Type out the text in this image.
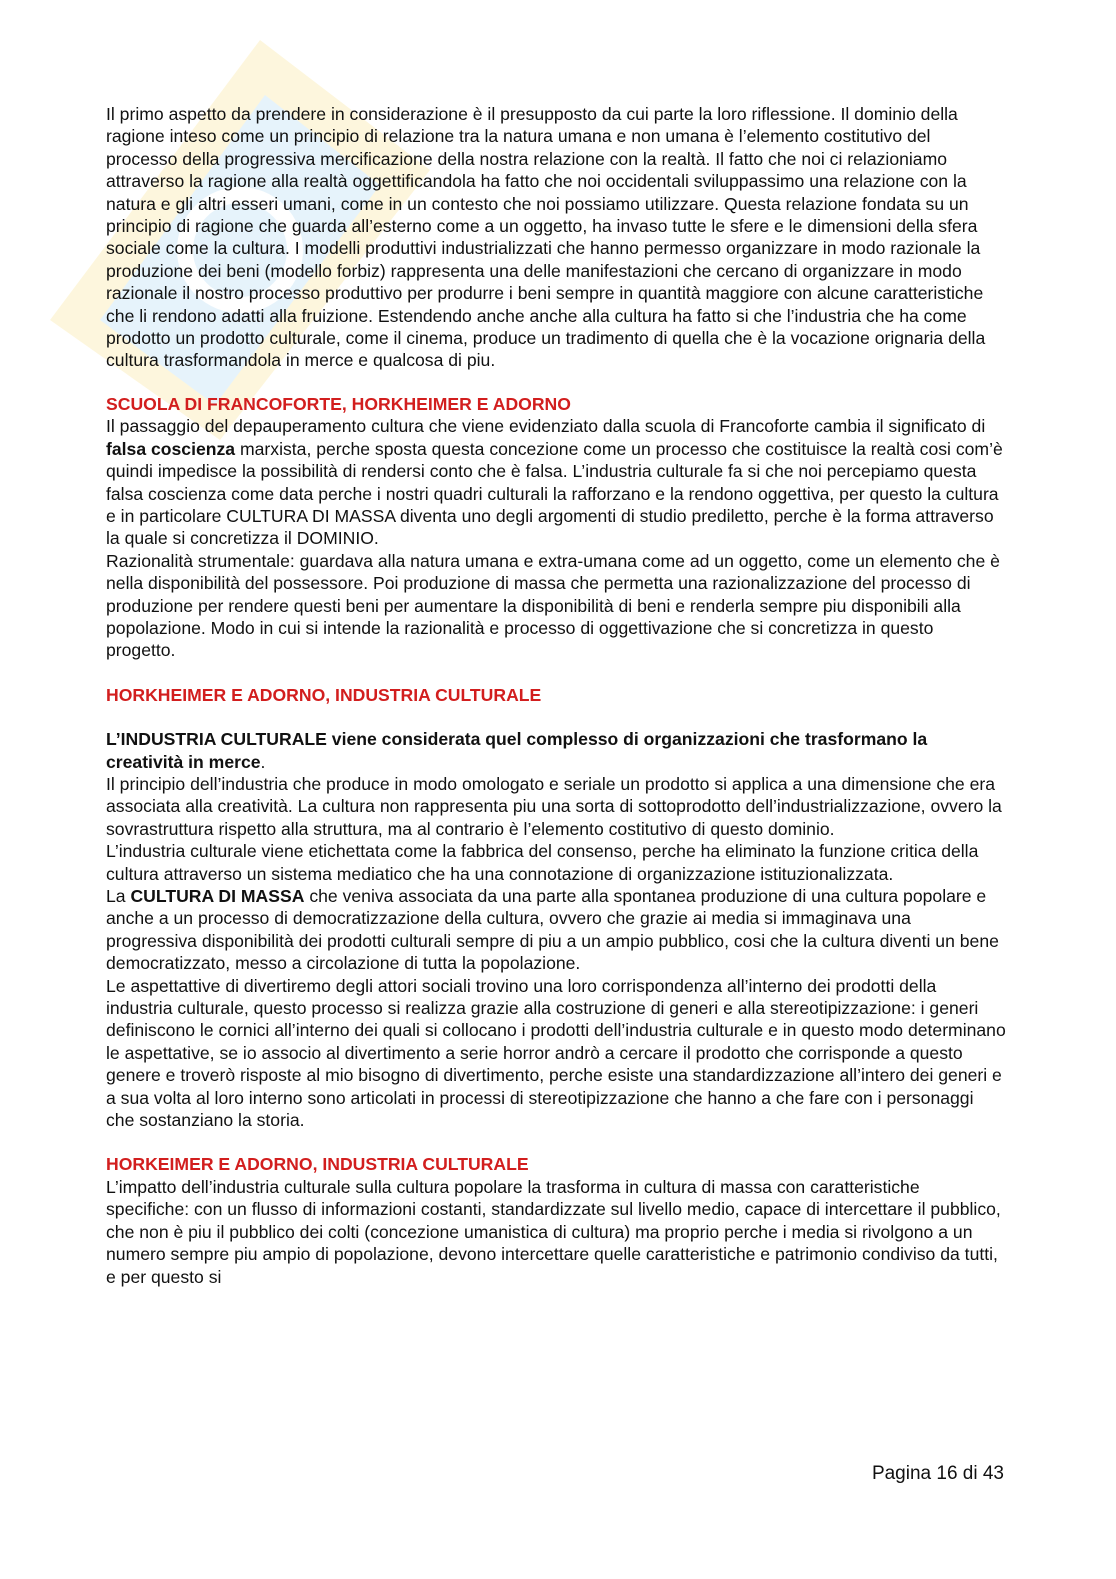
Il primo aspetto da prendere in considerazione è il presupposto da cui parte la loro riflessione. Il dominio della ragione inteso come un principio di relazione tra la natura umana e non umana è l’elemento costitutivo del processo della progressiva mercificazione della nostra relazione con la realtà. Il fatto che noi ci relazioniamo attraverso la ragione alla realtà oggettificandola ha fatto che noi occidentali sviluppassimo una relazione con la natura e gli altri esseri umani, come in un contesto che noi possiamo utilizzare. Questa relazione fondata su un principio di ragione che guarda all’esterno come a un oggetto, ha invaso tutte le sfere e le dimensioni della sfera sociale come la cultura. I modelli produttivi industrializzati che hanno permesso organizzare in modo razionale la produzione dei beni (modello forbiz) rappresenta una delle manifestazioni che cercano di organizzare in modo razionale il nostro processo produttivo per produrre i beni sempre in quantità maggiore con alcune caratteristiche che li rendono adatti alla fruizione. Estendendo anche anche alla cultura ha fatto si che l’industria che ha come prodotto un prodotto culturale, come il cinema, produce un tradimento di quella che è la vocazione orignaria della cultura trasformandola in merce e qualcosa di piu.

SCUOLA DI FRANCOFORTE, HORKHEIMER E ADORNO

Il passaggio del depauperamento cultura che viene evidenziato dalla scuola di Francoforte cambia il significato di falsa coscienza marxista, perche sposta questa concezione come un processo che costituisce la realtà cosi com’è quindi impedisce la possibilità di rendersi conto che è falsa. L’industria culturale fa si che noi percepiamo questa falsa coscienza come data perche i nostri quadri culturali la rafforzano e la rendono oggettiva, per questo la cultura e in particolare CULTURA DI MASSA diventa uno degli argomenti di studio prediletto, perche è la forma attraverso la quale si concretizza il DOMINIO.

Razionalità strumentale: guardava alla natura umana e extra-umana come ad un oggetto, come un elemento che è nella disponibilità del possessore. Poi produzione di massa che permetta una razionalizzazione del processo di produzione per rendere questi beni per aumentare la disponibilità di beni e renderla sempre piu disponibili alla popolazione. Modo in cui si intende la razionalità e processo di oggettivazione che si concretizza in questo progetto.

HORKHEIMER E ADORNO, INDUSTRIA CULTURALE

L’INDUSTRIA CULTURALE viene considerata quel complesso di organizzazioni che trasformano la creatività in merce.

Il principio dell’industria che produce in modo omologato e seriale un prodotto si applica a una dimensione che era associata alla creatività. La cultura non rappresenta piu una sorta di sottoprodotto dell’industrializzazione, ovvero la sovrastruttura rispetto alla struttura, ma al contrario è l’elemento costitutivo di questo dominio.

L’industria culturale viene etichettata come la fabbrica del consenso, perche ha eliminato la funzione critica della cultura attraverso un sistema mediatico che ha una connotazione di organizzazione istituzionalizzata.

La CULTURA DI MASSA che veniva associata da una parte alla spontanea produzione di una cultura popolare e anche a un processo di democratizzazione della cultura, ovvero che grazie ai media si immaginava una progressiva disponibilità dei prodotti culturali sempre di piu a un ampio pubblico, cosi che la cultura diventi un bene democratizzato, messo a circolazione di tutta la popolazione.

Le aspettattive di divertiremo degli attori sociali trovino una loro corrispondenza all’interno dei prodotti della industria culturale, questo processo si realizza grazie alla costruzione di generi e alla stereotipizzazione: i generi definiscono le cornici all’interno dei quali si collocano i prodotti dell’industria culturale e in questo modo determinano le aspettative, se io associo al divertimento a serie horror andrò a cercare il prodotto che corrisponde a questo genere e troverò risposte al mio bisogno di divertimento, perche esiste una standardizzazione all’intero dei generi e a sua volta al loro interno sono articolati in processi di stereotipizzazione che hanno a che fare con i personaggi che sostanziano la storia.

HORKEIMER E ADORNO, INDUSTRIA CULTURALE

L’impatto dell’industria culturale sulla cultura popolare la trasforma in cultura di massa con caratteristiche specifiche: con un flusso di informazioni costanti, standardizzate sul livello medio, capace di intercettare il pubblico, che non è piu il pubblico dei colti (concezione umanistica di cultura) ma proprio perche i media si rivolgono a un numero sempre piu ampio di popolazione, devono intercettare quelle caratteristiche e patrimonio condiviso da tutti, e per questo si

Pagina 16 di 43
